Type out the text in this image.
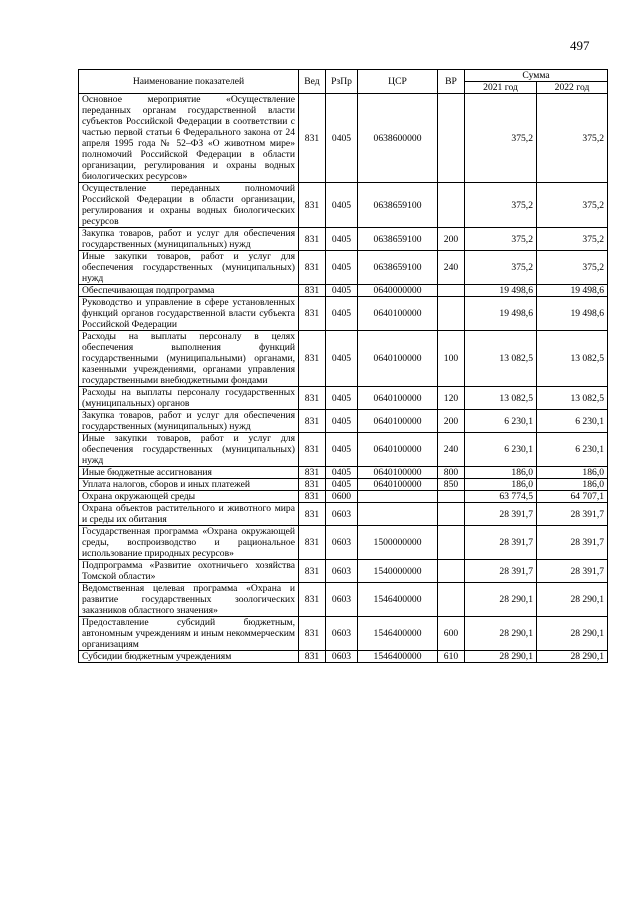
497
Наименование показателей	Вед	РзПр	ЦСР	ВР	Сумма	
					2021 год	2022 год
Основное мероприятие «Осуществление переданных органам государственной власти субъектов Российской Федерации в соответствии с частью первой статьи 6 Федерального закона от 24 апреля 1995 года № 52–ФЗ «О животном мире» полномочий Российской Федерации в области организации, регулирования и охраны водных биологических ресурсов»	831	0405	0638600000		375,2	375,2
Осуществление переданных полномочий Российской Федерации в области организации, регулирования и охраны водных биологических ресурсов	831	0405	0638659100		375,2	375,2
Закупка товаров, работ и услуг для обеспечения государственных (муниципальных) нужд	831	0405	0638659100	200	375,2	375,2
Иные закупки товаров, работ и услуг для обеспечения государственных (муниципальных) нужд	831	0405	0638659100	240	375,2	375,2
Обеспечивающая подпрограмма	831	0405	0640000000		19 498,6	19 498,6
Руководство и управление в сфере установленных функций органов государственной власти субъекта Российской Федерации	831	0405	0640100000		19 498,6	19 498,6
Расходы на выплаты персоналу в целях обеспечения выполнения функций государственными (муниципальными) органами, казенными учреждениями, органами управления государственными внебюджетными фондами	831	0405	0640100000	100	13 082,5	13 082,5
Расходы на выплаты персоналу государственных (муниципальных) органов	831	0405	0640100000	120	13 082,5	13 082,5
Закупка товаров, работ и услуг для обеспечения государственных (муниципальных) нужд	831	0405	0640100000	200	6 230,1	6 230,1
Иные закупки товаров, работ и услуг для обеспечения государственных (муниципальных) нужд	831	0405	0640100000	240	6 230,1	6 230,1
Иные бюджетные ассигнования	831	0405	0640100000	800	186,0	186,0
Уплата налогов, сборов и иных платежей	831	0405	0640100000	850	186,0	186,0
Охрана окружающей среды	831	0600			63 774,5	64 707,1
Охрана объектов растительного и животного мира и среды их обитания	831	0603			28 391,7	28 391,7
Государственная программа «Охрана окружающей среды, воспроизводство и рациональное использование природных ресурсов»	831	0603	1500000000		28 391,7	28 391,7
Подпрограмма «Развитие охотничьего хозяйства Томской области»	831	0603	1540000000		28 391,7	28 391,7
Ведомственная целевая программа «Охрана и развитие государственных зоологических заказников областного значения»	831	0603	1546400000		28 290,1	28 290,1
Предоставление субсидий бюджетным, автономным учреждениям и иным некоммерческим организациям	831	0603	1546400000	600	28 290,1	28 290,1
Субсидии бюджетным учреждениям	831	0603	1546400000	610	28 290,1	28 290,1
